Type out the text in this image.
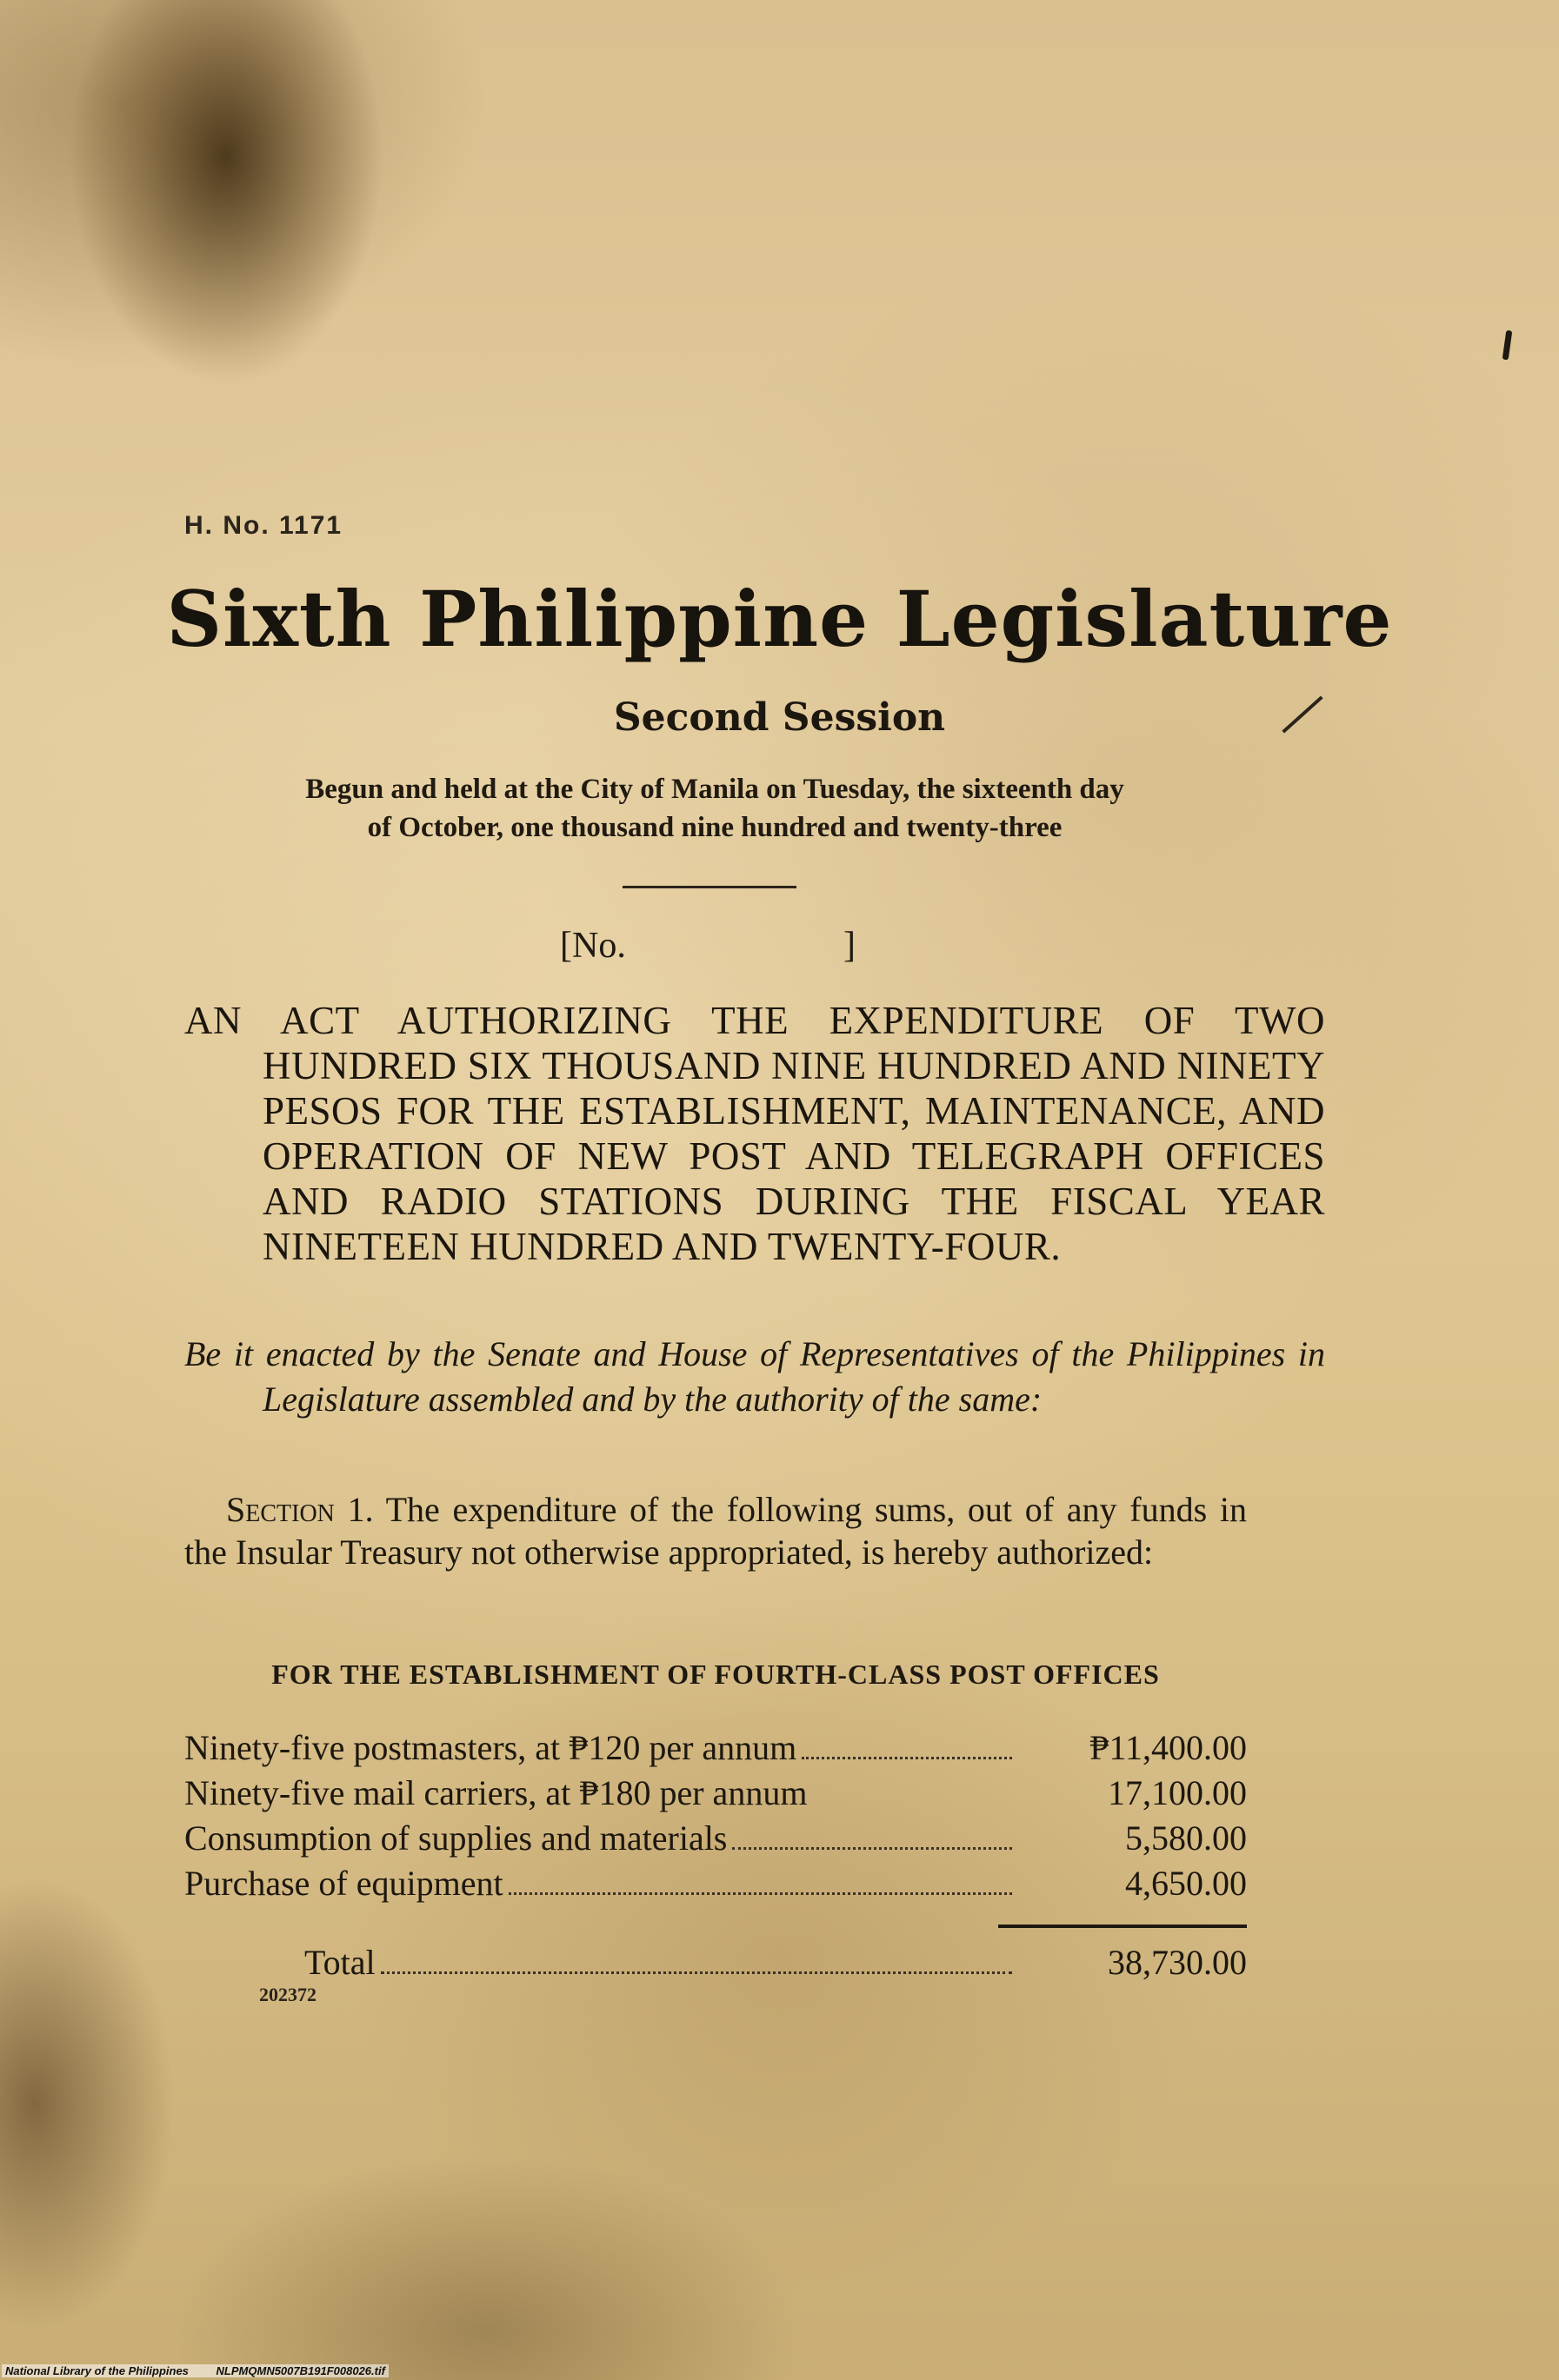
H. No. 1171
Sixth Philippine Legislature
Second Session
Begun and held at the City of Manila on Tuesday, the sixteenth day
of October, one thousand nine hundred and twenty-three
[No.	]
AN ACT AUTHORIZING THE EXPENDITURE OF TWO HUNDRED SIX THOUSAND NINE HUNDRED AND NINETY PESOS FOR THE ESTABLISHMENT, MAINTENANCE, AND OPERATION OF NEW POST AND TELEGRAPH OFFICES AND RADIO STATIONS DURING THE FISCAL YEAR NINETEEN HUNDRED AND TWENTY-FOUR.
Be it enacted by the Senate and House of Representatives of the Philippines in Legislature assembled and by the authority of the same:
Section 1. The expenditure of the following sums, out of any funds in the Insular Treasury not otherwise appropriated, is hereby authorized:
FOR THE ESTABLISHMENT OF FOURTH-CLASS POST OFFICES
Ninety-five postmasters, at ₱120 per annum	₱11,400.00
Ninety-five mail carriers, at ₱180 per annum	17,100.00
Consumption of supplies and materials	5,580.00
Purchase of equipment	4,650.00
Total	38,730.00
202372
National Library of the Philippines NLPMQMN5007B191F008026.tif
